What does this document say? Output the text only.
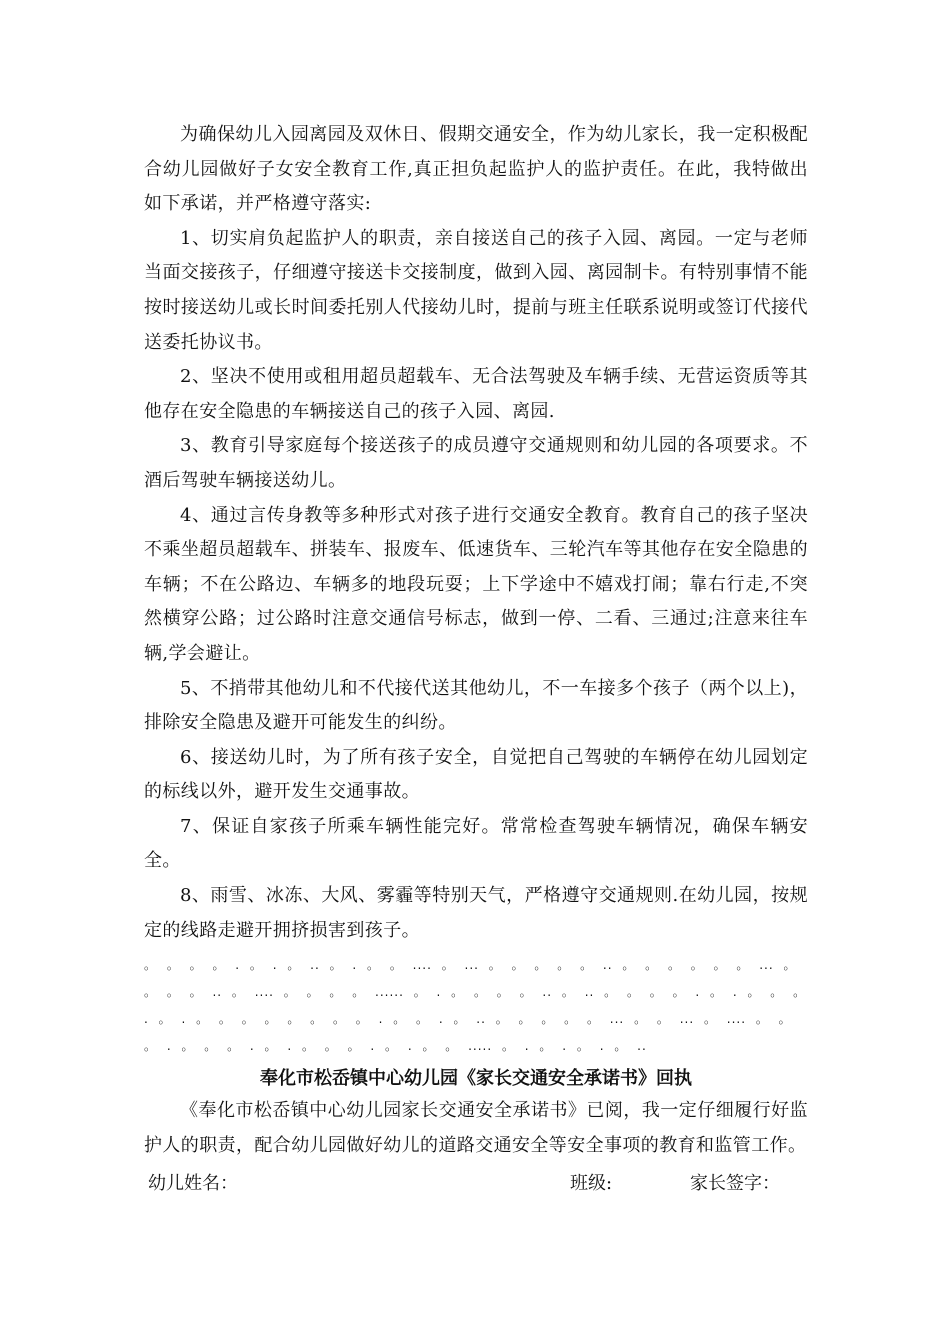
为确保幼儿入园离园及双休日、假期交通安全，作为幼儿家长，我一定积极配合幼儿园做好子女安全教育工作,真正担负起监护人的监护责任。在此，我特做出如下承诺，并严格遵守落实:

1、切实肩负起监护人的职责，亲自接送自己的孩子入园、离园。一定与老师当面交接孩子，仔细遵守接送卡交接制度，做到入园、离园制卡。有特别事情不能按时接送幼儿或长时间委托别人代接幼儿时，提前与班主任联系说明或签订代接代送委托协议书。

2、坚决不使用或租用超员超载车、无合法驾驶及车辆手续、无营运资质等其他存在安全隐患的车辆接送自己的孩子入园、离园.

3、教育引导家庭每个接送孩子的成员遵守交通规则和幼儿园的各项要求。不酒后驾驶车辆接送幼儿。

4、通过言传身教等多种形式对孩子进行交通安全教育。教育自己的孩子坚决不乘坐超员超载车、拼装车、报废车、低速货车、三轮汽车等其他存在安全隐患的车辆；不在公路边、车辆多的地段玩耍；上下学途中不嬉戏打闹；靠右行走,不突然横穿公路；过公路时注意交通信号标志，做到一停、二看、三通过;注意来往车辆,学会避让。

5、不捎带其他幼儿和不代接代送其他幼儿，不一车接多个孩子（两个以上)，排除安全隐患及避开可能发生的纠纷。

6、接送幼儿时，为了所有孩子安全，自觉把自己驾驶的车辆停在幼儿园划定的标线以外，避开发生交通事故。

7、保证自家孩子所乘车辆性能完好。常常检查驾驶车辆情况，确保车辆安全。

8、雨雪、冰冻、大风、雾霾等特别天气，严格遵守交通规则.在幼儿园，按规定的线路走避开拥挤损害到孩子。

。 。 。 。 . 。 . 。 .. 。 . 。 。 .... 。 ... 。 。 。 。 。 .. 。 。 。 。 。 。 ... 。 。 。 。 .. 。 .... 。 。 。 。 ...... 。 . 。 。 。 。 .. 。 .. 。 。 。 。 . 。 . 。 。 。 . 。 . 。 。 。 。 。 。 。 。 . 。 。 . 。 .. 。 。 。 。 。 ... 。 。 ... 。 .... 。 。 。 . 。 。 。 . 。 . 。 。 。 . 。 . 。 。 ..... 。 . 。 . 。 . 。 ..

奉化市松岙镇中心幼儿园《家长交通安全承诺书》回执

《奉化市松岙镇中心幼儿园家长交通安全承诺书》已阅，我一定仔细履行好监护人的职责，配合幼儿园做好幼儿的道路交通安全等安全事项的教育和监管工作。

幼儿姓名：	班级:	家长签字：
